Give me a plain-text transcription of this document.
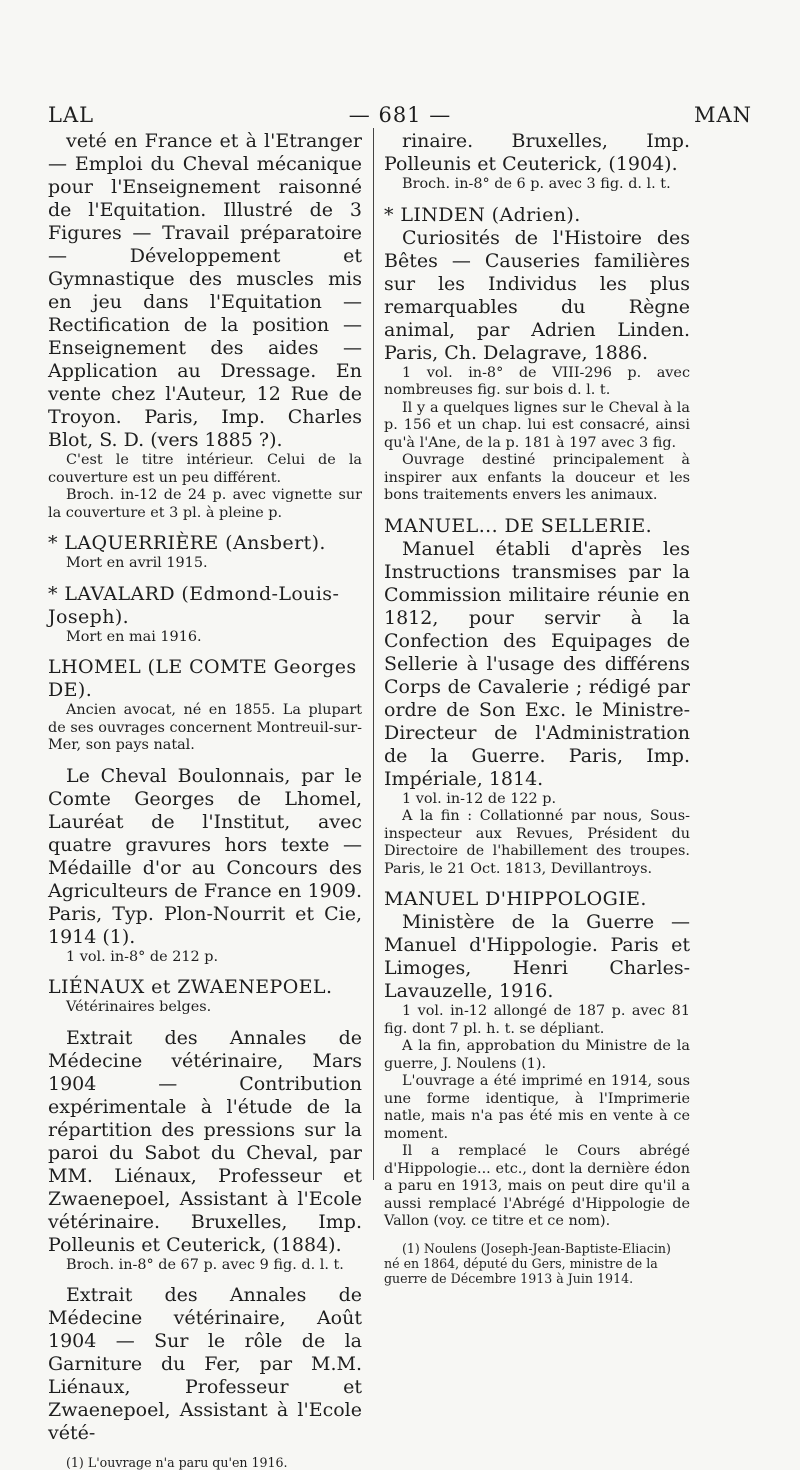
LAL	— 681 —	MAN

veté en France et à l'Etranger — Emploi du Cheval mécanique pour l'Enseignement raisonné de l'Equitation. Illustré de 3 Figures — Travail préparatoire — Développement et Gymnastique des muscles mis en jeu dans l'Equitation — Rectification de la position — Enseignement des aides — Application au Dressage. En vente chez l'Auteur, 12 Rue de Troyon. Paris, Imp. Charles Blot, S. D. (vers 1885 ?).

C'est le titre intérieur. Celui de la couverture est un peu différent.

Broch. in-12 de 24 p. avec vignette sur la couverture et 3 pl. à pleine p.

* LAQUERRIÈRE (Ansbert).

Mort en avril 1915.

* LAVALARD (Edmond-Louis-Joseph).

Mort en mai 1916.

LHOMEL (LE COMTE Georges DE).

Ancien avocat, né en 1855. La plupart de ses ouvrages concernent Montreuil-sur-Mer, son pays natal.

Le Cheval Boulonnais, par le Comte Georges de Lhomel, Lauréat de l'Institut, avec quatre gravures hors texte — Médaille d'or au Concours des Agriculteurs de France en 1909. Paris, Typ. Plon-Nourrit et Cie, 1914 (1).

1 vol. in-8° de 212 p.

LIÉNAUX et ZWAENEPOEL.

Vétérinaires belges.

Extrait des Annales de Médecine vétérinaire, Mars 1904 — Contribution expérimentale à l'étude de la répartition des pressions sur la paroi du Sabot du Cheval, par MM. Liénaux, Professeur et Zwaenepoel, Assistant à l'Ecole vétérinaire. Bruxelles, Imp. Polleunis et Ceuterick, (1884).

Broch. in-8° de 67 p. avec 9 fig. d. l. t.

Extrait des Annales de Médecine vétérinaire, Août 1904 — Sur le rôle de la Garniture du Fer, par M.M. Liénaux, Professeur et Zwaenepoel, Assistant à l'Ecole vété-

(1) L'ouvrage n'a paru qu'en 1916.

rinaire. Bruxelles, Imp. Polleunis et Ceuterick, (1904).

Broch. in-8° de 6 p. avec 3 fig. d. l. t.

* LINDEN (Adrien).

Curiosités de l'Histoire des Bêtes — Causeries familières sur les Individus les plus remarquables du Règne animal, par Adrien Linden. Paris, Ch. Delagrave, 1886.

1 vol. in-8° de VIII-296 p. avec nombreuses fig. sur bois d. l. t.

Il y a quelques lignes sur le Cheval à la p. 156 et un chap. lui est consacré, ainsi qu'à l'Ane, de la p. 181 à 197 avec 3 fig.

Ouvrage destiné principalement à inspirer aux enfants la douceur et les bons traitements envers les animaux.

MANUEL... DE SELLERIE.

Manuel établi d'après les Instructions transmises par la Commission militaire réunie en 1812, pour servir à la Confection des Equipages de Sellerie à l'usage des différens Corps de Cavalerie ; rédigé par ordre de Son Exc. le Ministre-Directeur de l'Administration de la Guerre. Paris, Imp. Impériale, 1814.

1 vol. in-12 de 122 p.

A la fin : Collationné par nous, Sous-inspecteur aux Revues, Président du Directoire de l'habillement des troupes. Paris, le 21 Oct. 1813, Devillantroys.

MANUEL D'HIPPOLOGIE.

Ministère de la Guerre — Manuel d'Hippologie. Paris et Limoges, Henri Charles-Lavauzelle, 1916.

1 vol. in-12 allongé de 187 p. avec 81 fig. dont 7 pl. h. t. se dépliant.

A la fin, approbation du Ministre de la guerre, J. Noulens (1).

L'ouvrage a été imprimé en 1914, sous une forme identique, à l'Imprimerie natle, mais n'a pas été mis en vente à ce moment.

Il a remplacé le Cours abrégé d'Hippologie... etc., dont la dernière édon a paru en 1913, mais on peut dire qu'il a aussi remplacé l'Abrégé d'Hippologie de Vallon (voy. ce titre et ce nom).

(1) Noulens (Joseph-Jean-Baptiste-Eliacin) né en 1864, député du Gers, ministre de la guerre de Décembre 1913 à Juin 1914.
